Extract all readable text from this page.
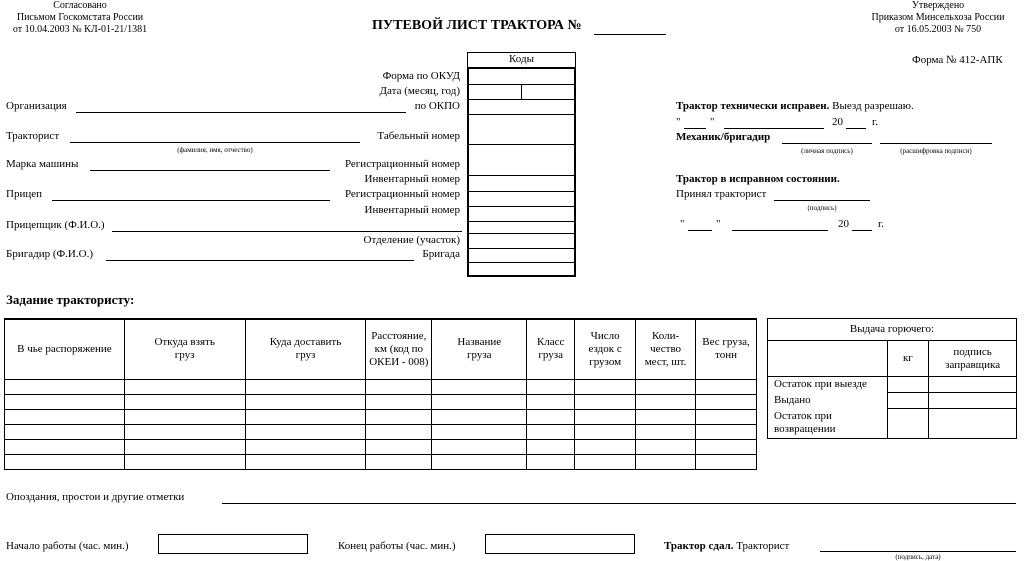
Согласовано
Письмом Госкомстата России
от 10.04.2003 № КЛ-01-21/1381	ПУТЕВОЙ ЛИСТ ТРАКТОРА №
Утверждено
Приказом Минсельхоза России
от 16.05.2003 № 750
Форма № 412-АПК
Коды
Форма по ОКУД
Дата (месяц, год)
по ОКПО
Табельный номер
Регистрационный номер
Инвентарный номер
Регистрационный номер
Инвентарный номер
Отделение (участок)
Бригада
Организация
Тракторист
(фамилия, имя, отчество)
Марка машины
Прицеп
Прицепщик (Ф.И.О.)
Бригадир (Ф.И.О.)
Трактор технически исправен. Выезд разрешаю.
"	"	20	г.
Механик/бригадир
(личная подпись)	(расшифровка подписи)
Трактор в исправном состоянии.
Принял тракторист
(подпись)
"	"	20	г.
Задание трактористу:
В чье распоряжение	Откуда взять груз	Куда доставить груз	Расстояние, км (код по ОКЕИ - 008)	Название груза	Класс груза	Число ездок с грузом	Коли-чество мест, шт.	Вес груза, тонн

Выдача горючего:		
	кг	подпись заправщика
Остаток при выезде		
Выдано		
Остаток при возвращении		
Опоздания, простои и другие отметки
Начало работы (час. мин.)	Конец работы (час. мин.)	Трактор сдал. Тракторист
(подпись, дата)
